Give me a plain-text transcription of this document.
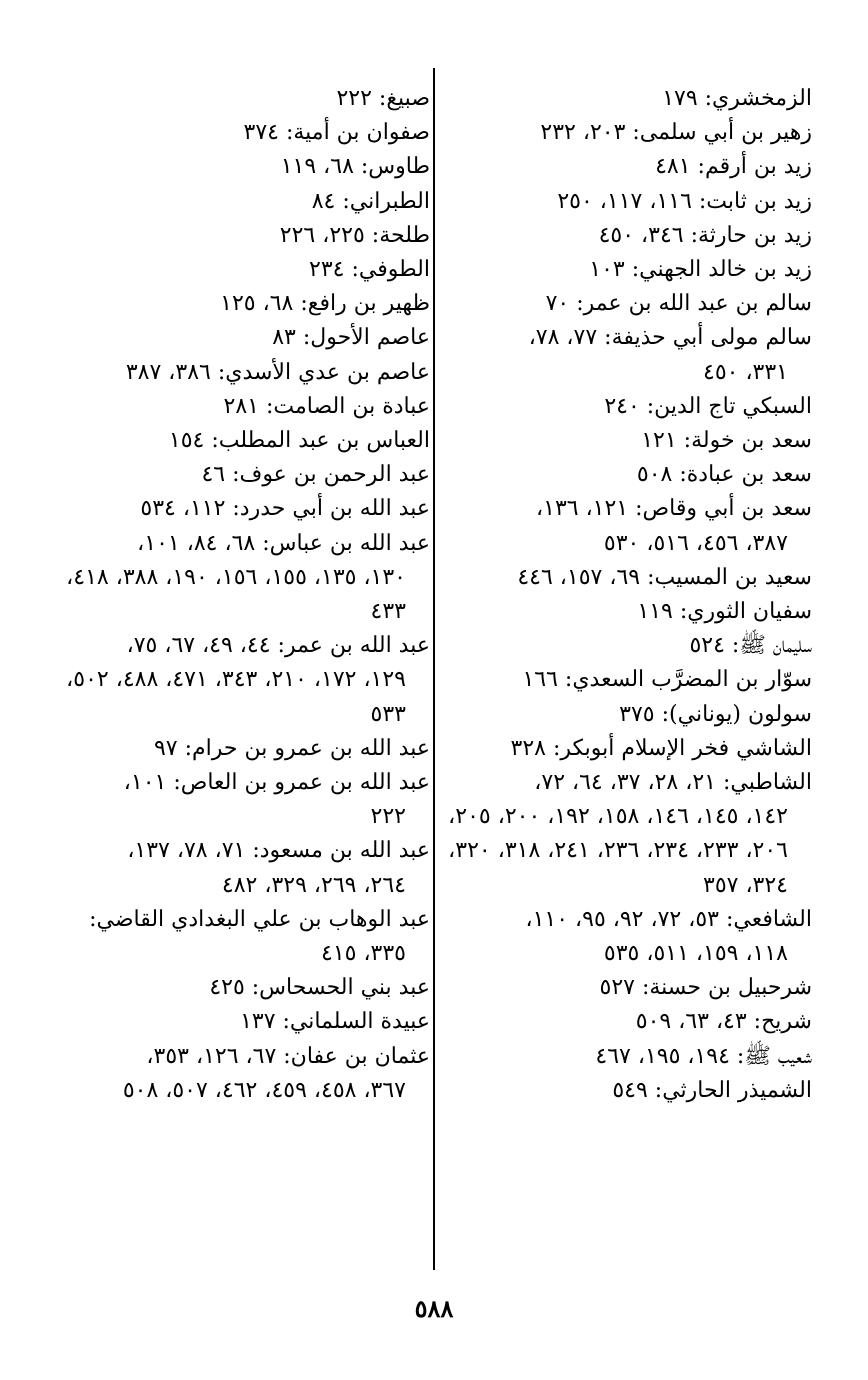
الزمخشري: ١٧٩
زهير بن أبي سلمى: ٢٠٣، ٢٣٢
زيد بن أرقم: ٤٨١
زيد بن ثابت: ١١٦، ١١٧، ٢٥٠
زيد بن حارثة: ٣٤٦، ٤٥٠
زيد بن خالد الجهني: ١٠٣
سالم بن عبد الله بن عمر: ٧٠
سالم مولى أبي حذيفة: ٧٧، ٧٨،
٣٣١، ٤٥٠
السبكي تاج الدين: ٢٤٠
سعد بن خولة: ١٢١
سعد بن عبادة: ٥٠٨
سعد بن أبي وقاص: ١٢١، ١٣٦،
٣٨٧، ٤٥٦، ٥١٦، ٥٣٠
سعيد بن المسيب: ٦٩، ١٥٧، ٤٤٦
سفيان الثوري: ١١٩
سليمان ﷺ: ٥٢٤
سوّار بن المضرَّب السعدي: ١٦٦
سولون (يوناني): ٣٧٥
الشاشي فخر الإسلام أبوبكر: ٣٢٨
الشاطبي: ٢١، ٢٨، ٣٧، ٦٤، ٧٢،
١٤٢، ١٤٥، ١٤٦، ١٥٨، ١٩٢، ٢٠٠، ٢٠٥، ٢٠٦، ٢٣٣، ٢٣٤، ٢٣٦، ٢٤١، ٣١٨، ٣٢٠، ٣٢٤، ٣٥٧
الشافعي: ٥٣، ٧٢، ٩٢، ٩٥، ١١٠،
١١٨، ١٥٩، ٥١١، ٥٣٥
شرحبيل بن حسنة: ٥٢٧
شريح: ٤٣، ٦٣، ٥٠٩
شعيب ﷺ: ١٩٤، ١٩٥، ٤٦٧
الشميذر الحارثي: ٥٤٩
صبيغ: ٢٢٢
صفوان بن أمية: ٣٧٤
طاوس: ٦٨، ١١٩
الطبراني: ٨٤
طلحة: ٢٢٥، ٢٢٦
الطوفي: ٢٣٤
ظهير بن رافع: ٦٨، ١٢٥
عاصم الأحول: ٨٣
عاصم بن عدي الأسدي: ٣٨٦، ٣٨٧
عبادة بن الصامت: ٢٨١
العباس بن عبد المطلب: ١٥٤
عبد الرحمن بن عوف: ٤٦
عبد الله بن أبي حدرد: ١١٢، ٥٣٤
عبد الله بن عباس: ٦٨، ٨٤، ١٠١،
١٣٠، ١٣٥، ١٥٥، ١٥٦، ١٩٠، ٣٨٨، ٤١٨، ٤٣٣
عبد الله بن عمر: ٤٤، ٤٩، ٦٧، ٧٥،
١٢٩، ١٧٢، ٢١٠، ٣٤٣، ٤٧١، ٤٨٨، ٥٠٢، ٥٣٣
عبد الله بن عمرو بن حرام: ٩٧
عبد الله بن عمرو بن العاص: ١٠١،
٢٢٢
عبد الله بن مسعود: ٧١، ٧٨، ١٣٧،
٢٦٤، ٢٦٩، ٣٢٩، ٤٨٢
عبد الوهاب بن علي البغدادي القاضي:
٣٣٥، ٤١٥
عبد بني الحسحاس: ٤٢٥
عبيدة السلماني: ١٣٧
عثمان بن عفان: ٦٧، ١٢٦، ٣٥٣،
٣٦٧، ٤٥٨، ٤٥٩، ٤٦٢، ٥٠٧، ٥٠٨
٥٨٨
